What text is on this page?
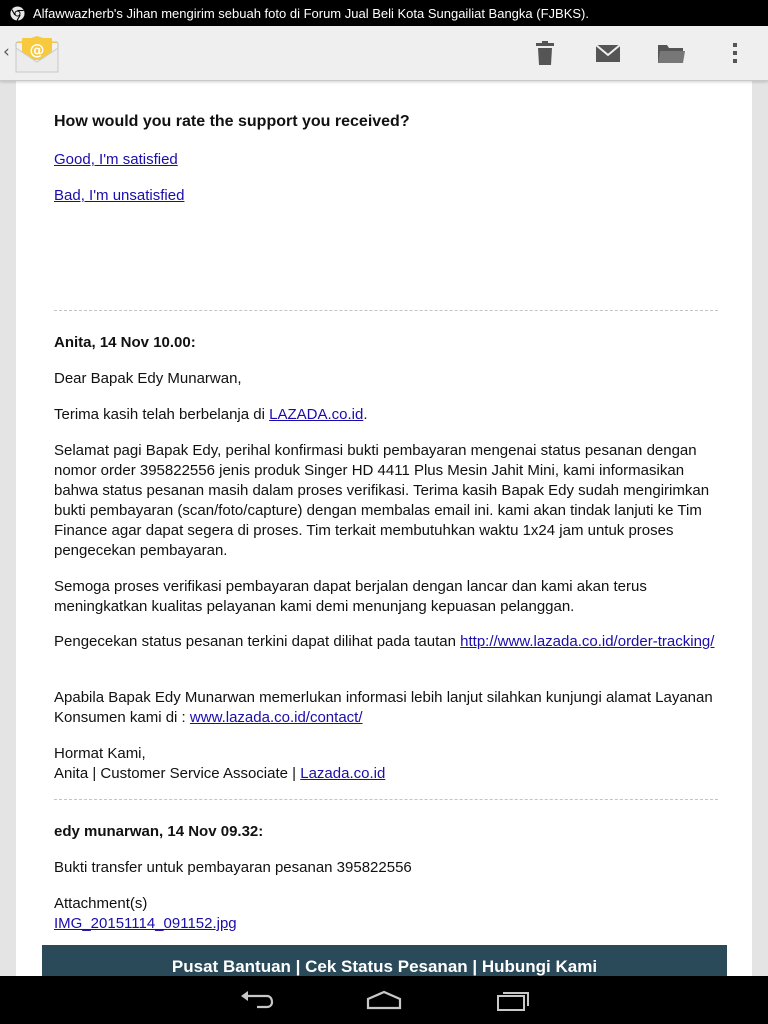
Alfawwazherb's Jihan mengirim sebuah foto di Forum Jual Beli Kota Sungailiat Bangka (FJBKS).
‹ @

How would you rate the support you received?

Good, I'm satisfied

Bad, I'm unsatisfied

Anita, 14 Nov 10.00:

Dear Bapak Edy Munarwan,

Terima kasih telah berbelanja di LAZADA.co.id.

Selamat pagi Bapak Edy, perihal konfirmasi bukti pembayaran mengenai status pesanan dengan nomor order 395822556 jenis produk Singer HD 4411 Plus Mesin Jahit Mini, kami informasikan bahwa status pesanan masih dalam proses verifikasi. Terima kasih Bapak Edy sudah mengirimkan bukti pembayaran (scan/foto/capture) dengan membalas email ini. kami akan tindak lanjuti ke Tim Finance agar dapat segera di proses. Tim terkait membutuhkan waktu 1x24 jam untuk proses pengecekan pembayaran.

Semoga proses verifikasi pembayaran dapat berjalan dengan lancar dan kami akan terus meningkatkan kualitas pelayanan kami demi menunjang kepuasan pelanggan.

Pengecekan status pesanan terkini dapat dilihat pada tautan http://www.lazada.co.id/order-tracking/

Apabila Bapak Edy Munarwan memerlukan informasi lebih lanjut silahkan kunjungi alamat Layanan Konsumen kami di : www.lazada.co.id/contact/

Hormat Kami,

Anita | Customer Service Associate | Lazada.co.id

edy munarwan, 14 Nov 09.32:

Bukti transfer untuk pembayaran pesanan 395822556

Attachment(s)

IMG_20151114_091152.jpg

Pusat Bantuan | Cek Status Pesanan | Hubungi Kami
